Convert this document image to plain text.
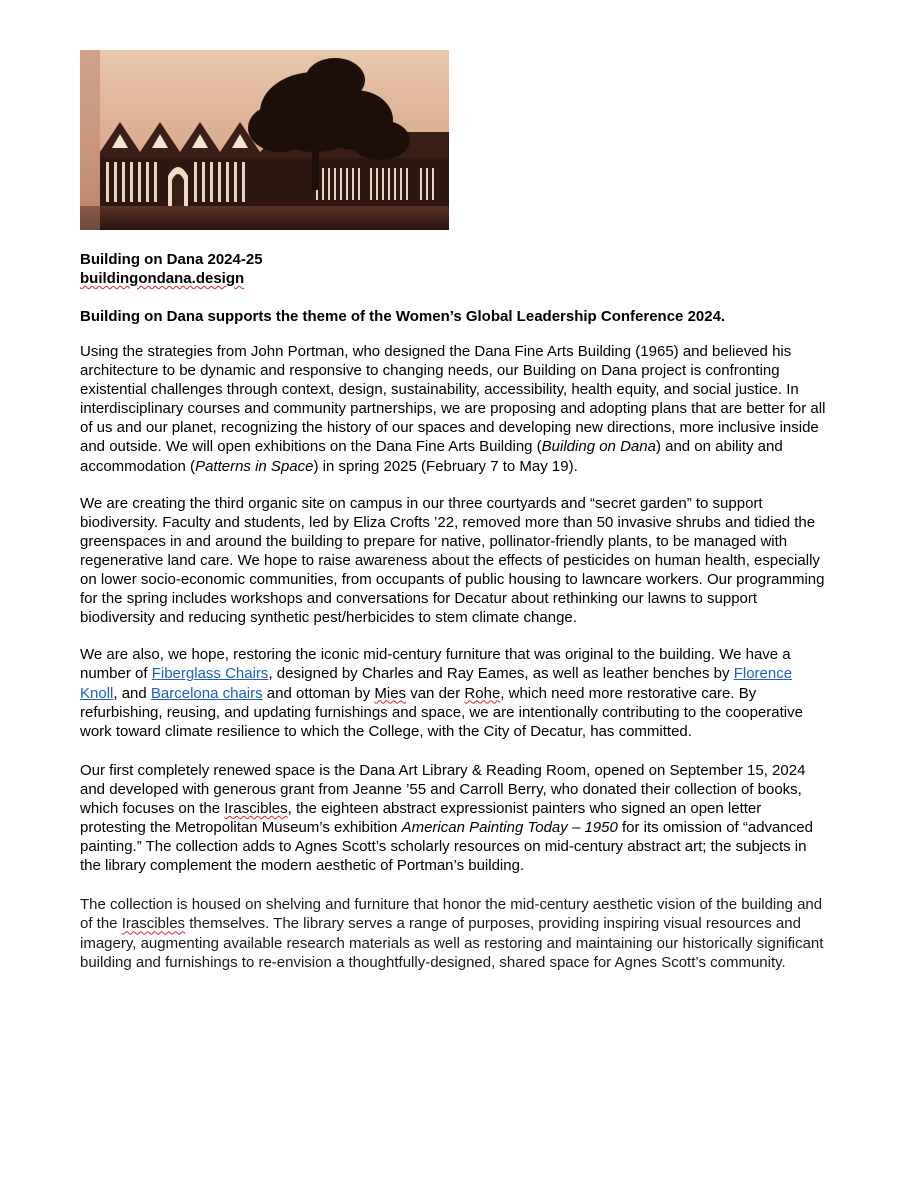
Building on Dana 2024-25
buildingondana.design
Building on Dana supports the theme of the Women’s Global Leadership Conference 2024.

Using the strategies from John Portman, who designed the Dana Fine Arts Building (1965) and believed his architecture to be dynamic and responsive to changing needs, our Building on Dana project is confronting existential challenges through context, design, sustainability, accessibility, health equity, and social justice. In interdisciplinary courses and community partnerships, we are proposing and adopting plans that are better for all of us and our planet, recognizing the history of our spaces and developing new directions, more inclusive inside and outside. We will open exhibitions on the Dana Fine Arts Building (Building on Dana) and on ability and accommodation (Patterns in Space) in spring 2025 (February 7 to May 19).

We are creating the third organic site on campus in our three courtyards and “secret garden” to support biodiversity. Faculty and students, led by Eliza Crofts ’22, removed more than 50 invasive shrubs and tidied the greenspaces in and around the building to prepare for native, pollinator-friendly plants, to be managed with regenerative land care. We hope to raise awareness about the effects of pesticides on human health, especially on lower socio-economic communities, from occupants of public housing to lawncare workers. Our programming for the spring includes workshops and conversations for Decatur about rethinking our lawns to support biodiversity and reducing synthetic pest/herbicides to stem climate change.

We are also, we hope, restoring the iconic mid-century furniture that was original to the building. We have a number of Fiberglass Chairs, designed by Charles and Ray Eames, as well as leather benches by Florence Knoll, and Barcelona chairs and ottoman by Mies van der Rohe, which need more restorative care. By refurbishing, reusing, and updating furnishings and space, we are intentionally contributing to the cooperative work toward climate resilience to which the College, with the City of Decatur, has committed.

Our first completely renewed space is the Dana Art Library & Reading Room, opened on September 15, 2024 and developed with generous grant from Jeanne ’55 and Carroll Berry, who donated their collection of books, which focuses on the Irascibles, the eighteen abstract expressionist painters who signed an open letter protesting the Metropolitan Museum’s exhibition American Painting Today – 1950 for its omission of “advanced painting.” The collection adds to Agnes Scott’s scholarly resources on mid-century abstract art; the subjects in the library complement the modern aesthetic of Portman’s building.

The collection is housed on shelving and furniture that honor the mid-century aesthetic vision of the building and of the Irascibles themselves. The library serves a range of purposes, providing inspiring visual resources and imagery, augmenting available research materials as well as restoring and maintaining our historically significant building and furnishings to re-envision a thoughtfully-designed, shared space for Agnes Scott’s community.
